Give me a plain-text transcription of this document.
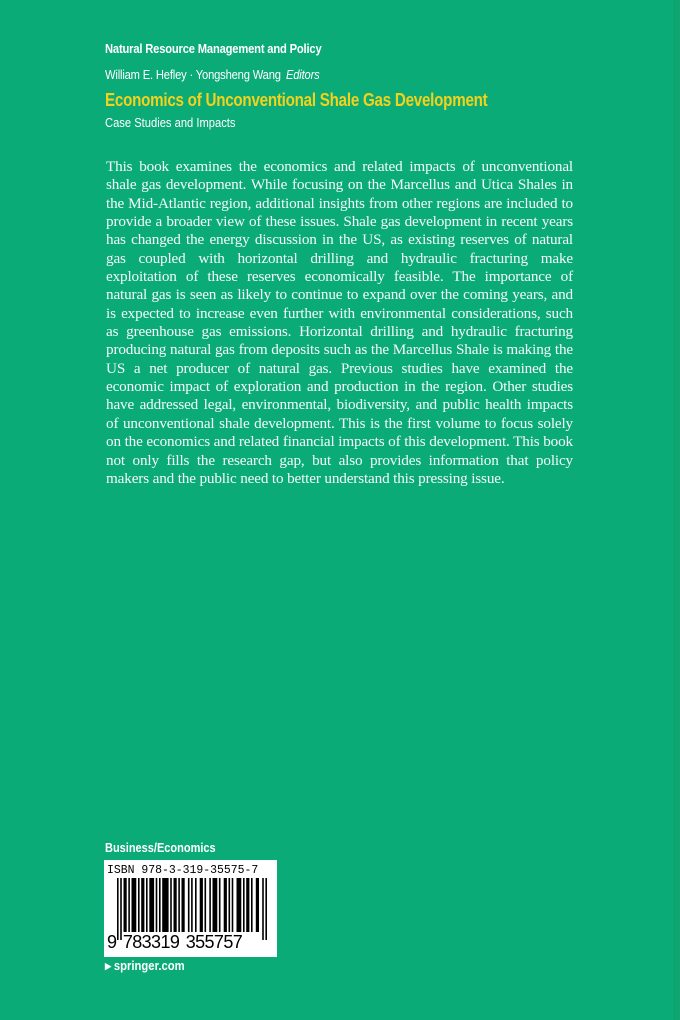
Natural Resource Management and Policy
William E. Hefley · Yongsheng Wang Editors
Economics of Unconventional Shale Gas Development
Case Studies and Impacts

This book examines the economics and related impacts of unconventional shale gas development. While focusing on the Marcellus and Utica Shales in the Mid-Atlantic region, additional insights from other regions are included to provide a broader view of these issues. Shale gas development in recent years has changed the energy discussion in the US, as existing reserves of natural gas coupled with horizontal drilling and hydraulic fracturing make exploitation of these reserves economically feasible. The importance of natural gas is seen as likely to continue to expand over the coming years, and is expected to increase even further with environmental considerations, such as greenhouse gas emissions. Horizontal drilling and hydraulic fracturing producing natural gas from deposits such as the Marcellus Shale is making the US a net producer of natural gas. Previous studies have examined the economic impact of exploration and production in the region. Other studies have addressed legal, environmental, biodiversity, and public health impacts of unconventional shale development. This is the first volume to focus solely on the economics and related financial impacts of this development. This book not only fills the research gap, but also provides information that policy makers and the public need to better understand this pressing issue.

Business/Economics
ISBN 978-3-319-35575-7
9 783319 355757
▶ springer.com
